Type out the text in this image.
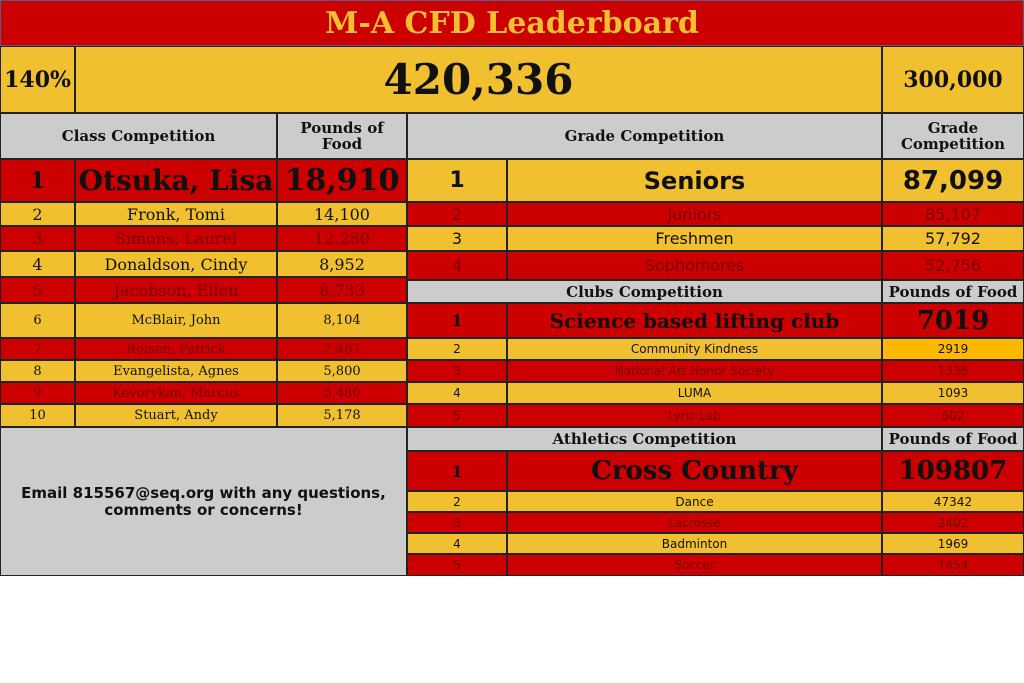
M-A CFD Leaderboard
140%	420,336	300,000
Class Competition	Pounds of Food	Grade Competition	Grade Competition
1	Otsuka, Lisa 18,910
2	Fronk, Tomi	14,100
3	Simons, Laurel	12,280
4	Donaldson, Cindy	8,952
5	Jacobson, Ellen	8,733
6	McBlair, John	8,104
7	Roisen, Patrick	7,467
8	Evangelista, Agnes	5,800
9	Kevorykan, Marcus	5,480
10	Stuart, Andy	5,178
1	Seniors	87,099
2	Juniors	85,107
3	Freshmen	57,792
4	Sophomores	52,756
Clubs Competition	Pounds of Food
1	Science based lifting club	7019
2	Community Kindness	2919
3	National Art Honor Society	1336
4	LUMA	1093
5	Lyric Lab	602
Athletics Competition	Pounds of Food
1	Cross Country	109807
2	Dance	47342
3	Lacrosse	2402
4	Badminton	1969
5	Soccer	1454
Email 815567@seq.org with any questions, comments or concerns!
